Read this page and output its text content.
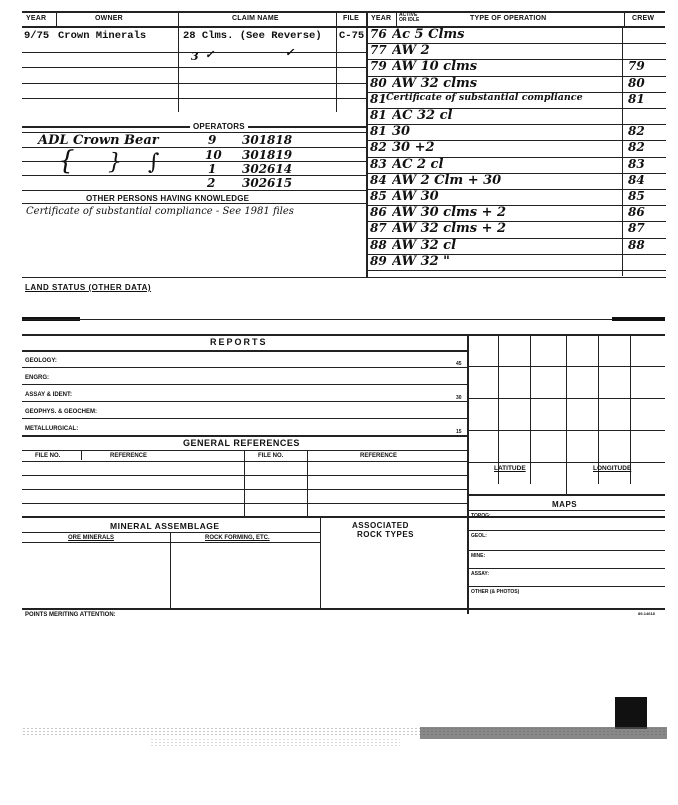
YEAR	OWNER	CLAIM NAME	FILE YEAR ACTIVE OR IDLE	TYPE OF OPERATION	CREW
9/75 Crown Minerals	28 Clms. (See Reverse) C-75
3 ✓	✓
OPERATORS
ADL Crown Bear	9 301818
10 301819
1 302614
2 302615
{ } ∫
OTHER PERSONS HAVING KNOWLEDGE
Certificate of substantial compliance - See 1981 files
76 Ac 5 Clms
77 AW 2
79 AW 10 clms	79
80 AW 32 clms	80
81 Certificate of substantial compliance	81
81 AC 32 cl
81 30	82
82 30 +2	82
83 AC 2 cl	83
84 AW 2 Clm + 30	84
85 AW 30	85
86 AW 30 clms + 2	86
87 AW 32 clms + 2	87
88 AW 32 cl	88
89 AW 32 "
LAND STATUS (OTHER DATA)
REPORTS
GEOLOGY:	45
ENGRG:
ASSAY & IDENT:	30
GEOPHYS. & GEOCHEM:
METALLURGICAL:	15
LATITUDE	LONGITUDE
GENERAL REFERENCES
FILE NO.	REFERENCE	FILE NO.	REFERENCE
MAPS
TOPOG:
GEOL:
MINE:
ASSAY:
OTHER (& PHOTOS)
MINERAL ASSEMBLAGE	ASSOCIATED
ROCK TYPES
ORE MINERALS	ROCK FORMING, ETC.
POINTS MERITING ATTENTION:	89-14618
